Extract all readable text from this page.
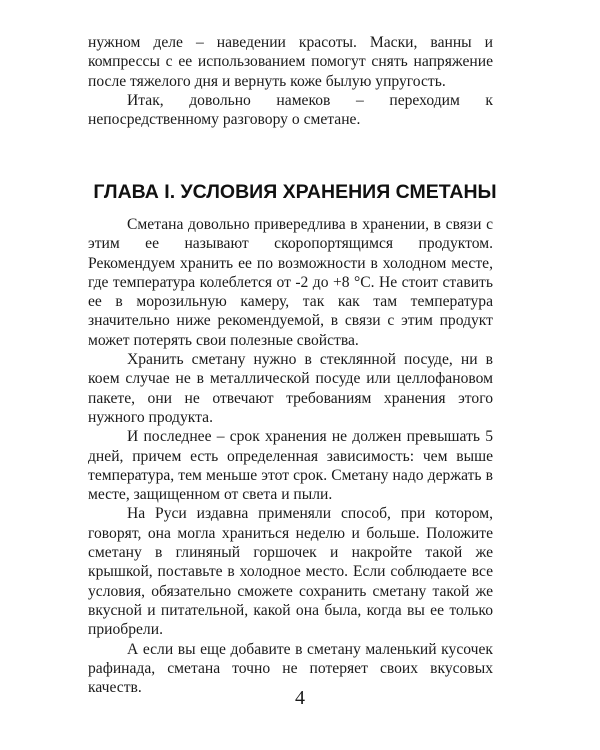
нужном деле – наведении красоты. Маски, ванны и компрессы с ее использованием помогут снять напряжение после тяжелого дня и вернуть коже былую упругость.

Итак, довольно намеков – переходим к непосредственному разговору о сметане.

ГЛАВА I. УСЛОВИЯ ХРАНЕНИЯ СМЕТАНЫ

Сметана довольно привередлива в хранении, в связи с этим ее называют скоропортящимся продуктом. Рекомендуем хранить ее по возможности в холодном месте, где температура колеблется от -2 до +8 °С. Не стоит ставить ее в морозильную камеру, так как там температура значительно ниже рекомендуемой, в связи с этим продукт может потерять свои полезные свойства.

Хранить сметану нужно в стеклянной посуде, ни в коем случае не в металлической посуде или целлофановом пакете, они не отвечают требованиям хранения этого нужного продукта.

И последнее – срок хранения не должен превышать 5 дней, причем есть определенная зависимость: чем выше температура, тем меньше этот срок. Сметану надо держать в месте, защищенном от света и пыли.

На Руси издавна применяли способ, при котором, говорят, она могла храниться неделю и больше. Положите сметану в глиняный горшочек и накройте такой же крышкой, поставьте в холодное место. Если соблюдаете все условия, обязательно сможете сохранить сметану такой же вкусной и питательной, какой она была, когда вы ее только приобрели.

А если вы еще добавите в сметану маленький кусочек рафинада, сметана точно не потеряет своих вкусовых качеств.	4
